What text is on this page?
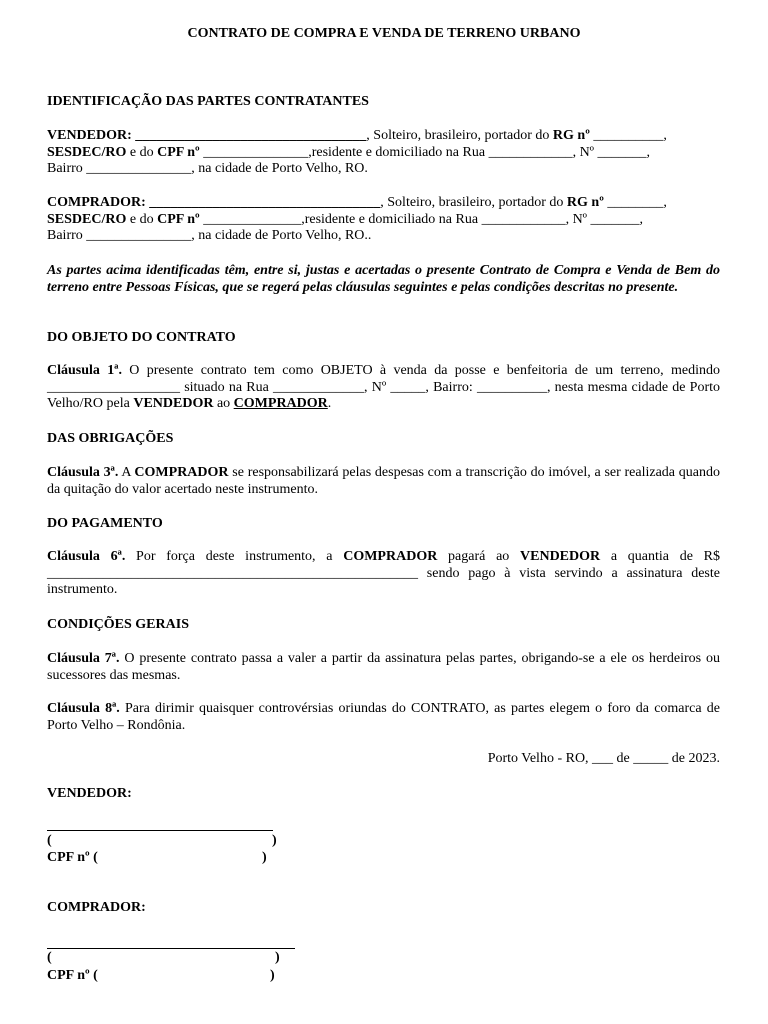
CONTRATO DE COMPRA E VENDA DE TERRENO URBANO

IDENTIFICAÇÃO DAS PARTES CONTRATANTES

VENDEDOR: _________________________________, Solteiro, brasileiro, portador do RG nº __________,
SESDEC/RO e do CPF nº _______________,residente e domiciliado na Rua ____________, Nº _______,
Bairro _______________, na cidade de Porto Velho, RO.
COMPRADOR: _________________________________, Solteiro, brasileiro, portador do RG nº ________,
SESDEC/RO e do CPF nº ______________,residente e domiciliado na Rua ____________, Nº _______,
Bairro _______________, na cidade de Porto Velho, RO..

As partes acima identificadas têm, entre si, justas e acertadas o presente Contrato de Compra e Venda de Bem do terreno entre Pessoas Físicas, que se regerá pelas cláusulas seguintes e pelas condições descritas no presente.

DO OBJETO DO CONTRATO

Cláusula 1ª. O presente contrato tem como OBJETO à venda da posse e benfeitoria de um terreno, medindo ___________________ situado na Rua _____________, Nº _____, Bairro: __________, nesta mesma cidade de Porto Velho/RO pela VENDEDOR ao COMPRADOR.

DAS OBRIGAÇÕES

Cláusula 3ª. A COMPRADOR se responsabilizará pelas despesas com a transcrição do imóvel, a ser realizada quando da quitação do valor acertado neste instrumento.

DO PAGAMENTO

Cláusula 6ª. Por força deste instrumento, a COMPRADOR pagará ao VENDEDOR a quantia de R$ _____________________________________________________ sendo pago à vista servindo a assinatura deste instrumento.

CONDIÇÕES GERAIS

Cláusula 7ª. O presente contrato passa a valer a partir da assinatura pelas partes, obrigando-se a ele os herdeiros ou sucessores das mesmas.

Cláusula 8ª. Para dirimir quaisquer controvérsias oriundas do CONTRATO, as partes elegem o foro da comarca de Porto Velho – Rondônia.

Porto Velho - RO, ___ de _____ de 2023.

VENDEDOR:

(	)
CPF nº (	)

COMPRADOR:

(	)
CPF nº (	)
